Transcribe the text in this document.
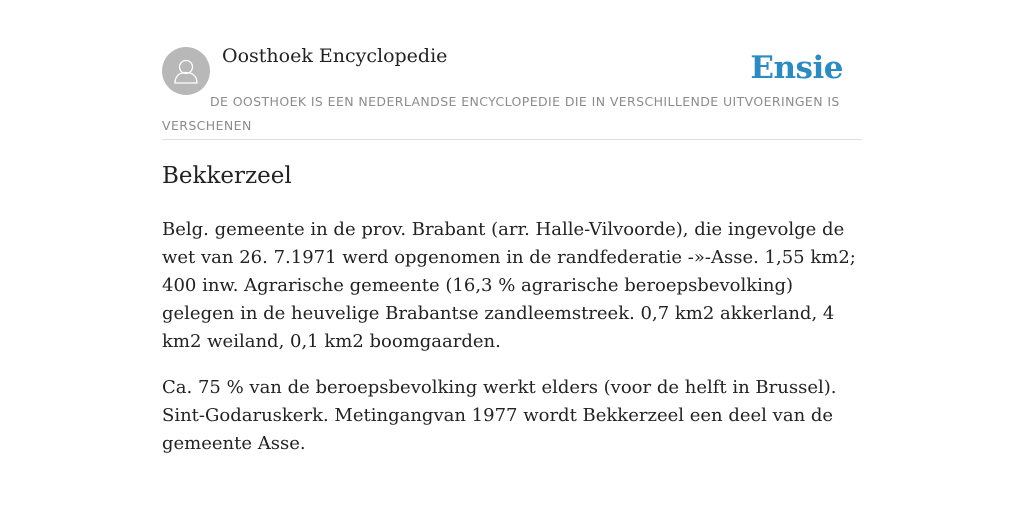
Oosthoek Encyclopedie	Ensie
DE OOSTHOEK IS EEN NEDERLANDSE ENCYCLOPEDIE DIE IN VERSCHILLENDE UITVOERINGEN IS VERSCHENEN
Bekkerzeel

Belg. gemeente in de prov. Brabant (arr. Halle-Vilvoorde), die ingevolge de wet van 26. 7.1971 werd opgenomen in de randfederatie -»-Asse. 1,55 km2; 400 inw. Agrarische gemeente (16,3 % agrarische beroepsbevolking) gelegen in de heuvelige Brabantse zandleemstreek. 0,7 km2 akkerland, 4 km2 weiland, 0,1 km2 boomgaarden.

Ca. 75 % van de beroepsbevolking werkt elders (voor de helft in Brussel). Sint-Godaruskerk. Metingangvan 1977 wordt Bekkerzeel een deel van de gemeente Asse.
